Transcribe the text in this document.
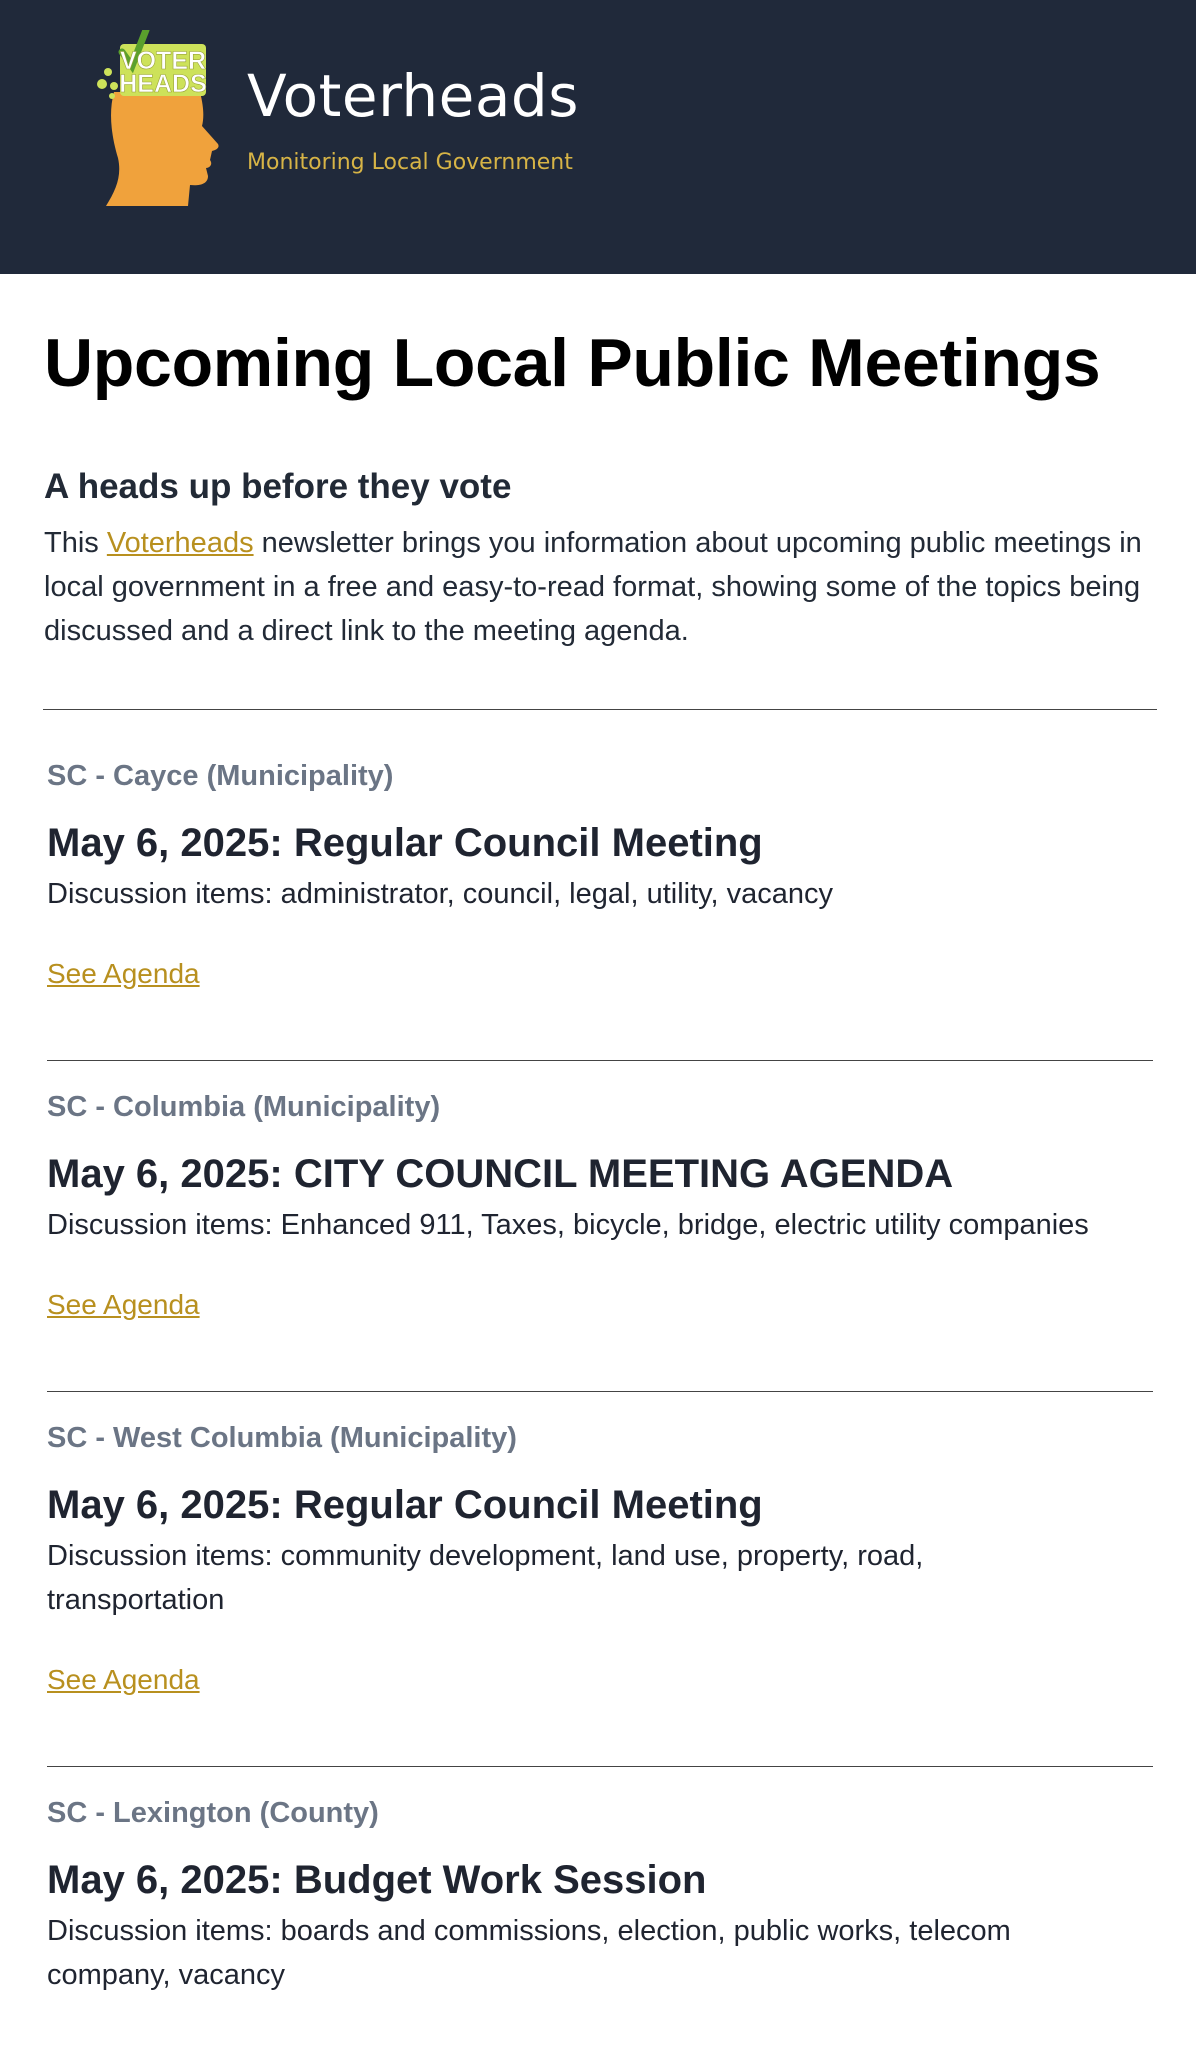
VOTER
HEADS Voterheads
Monitoring Local Government
Upcoming Local Public Meetings
A heads up before they vote

This Voterheads newsletter brings you information about upcoming public meetings in local government in a free and easy-to-read format, showing some of the topics being discussed and a direct link to the meeting agenda.

SC - Cayce (Municipality)
May 6, 2025: Regular Council Meeting
Discussion items: administrator, council, legal, utility, vacancy
See Agenda
SC - Columbia (Municipality)
May 6, 2025: CITY COUNCIL MEETING AGENDA
Discussion items: Enhanced 911, Taxes, bicycle, bridge, electric utility companies
See Agenda
SC - West Columbia (Municipality)
May 6, 2025: Regular Council Meeting
Discussion items: community development, land use, property, road, transportation
See Agenda
SC - Lexington (County)
May 6, 2025: Budget Work Session
Discussion items: boards and commissions, election, public works, telecom company, vacancy
